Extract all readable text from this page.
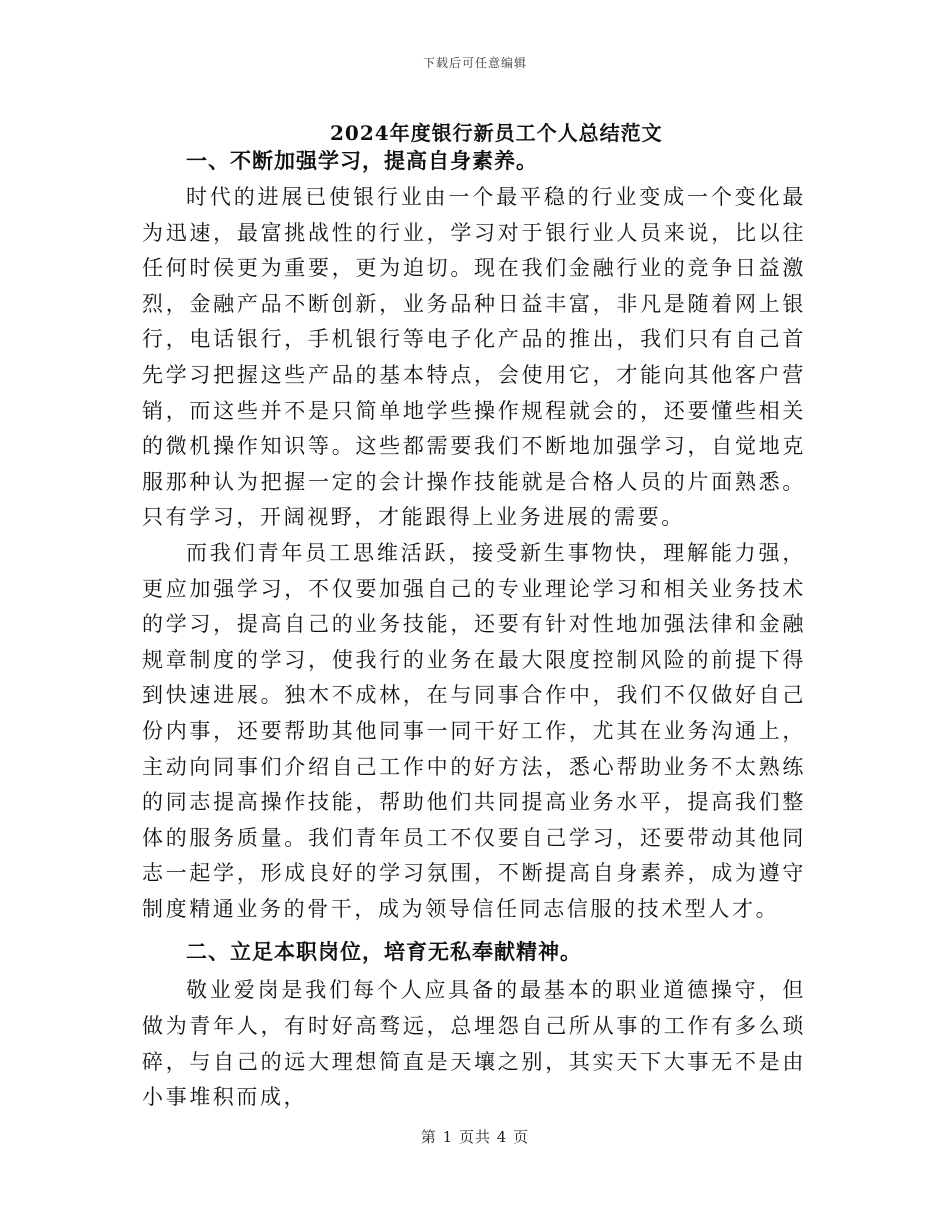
下载后可任意编辑
2024年度银行新员工个人总结范文
一、不断加强学习，提高自身素养。

时代的进展已使银行业由一个最平稳的行业变成一个变化最为迅速，最富挑战性的行业，学习对于银行业人员来说，比以往任何时侯更为重要，更为迫切。现在我们金融行业的竞争日益激烈，金融产品不断创新，业务品种日益丰富，非凡是随着网上银行，电话银行，手机银行等电子化产品的推出，我们只有自己首先学习把握这些产品的基本特点，会使用它，才能向其他客户营销，而这些并不是只简单地学些操作规程就会的，还要懂些相关的微机操作知识等。这些都需要我们不断地加强学习，自觉地克服那种认为把握一定的会计操作技能就是合格人员的片面熟悉。只有学习，开阔视野，才能跟得上业务进展的需要。

而我们青年员工思维活跃，接受新生事物快，理解能力强，更应加强学习，不仅要加强自己的专业理论学习和相关业务技术的学习，提高自己的业务技能，还要有针对性地加强法律和金融规章制度的学习，使我行的业务在最大限度控制风险的前提下得到快速进展。独木不成林，在与同事合作中，我们不仅做好自己份内事，还要帮助其他同事一同干好工作，尤其在业务沟通上，主动向同事们介绍自己工作中的好方法，悉心帮助业务不太熟练的同志提高操作技能，帮助他们共同提高业务水平，提高我们整体的服务质量。我们青年员工不仅要自己学习，还要带动其他同志一起学，形成良好的学习氛围，不断提高自身素养，成为遵守制度精通业务的骨干，成为领导信任同志信服的技术型人才。

二、立足本职岗位，培育无私奉献精神。

敬业爱岗是我们每个人应具备的最基本的职业道德操守，但做为青年人，有时好高骛远，总埋怨自己所从事的工作有多么琐碎，与自己的远大理想简直是天壤之别，其实天下大事无不是由小事堆积而成，

第 1 页共 4 页
